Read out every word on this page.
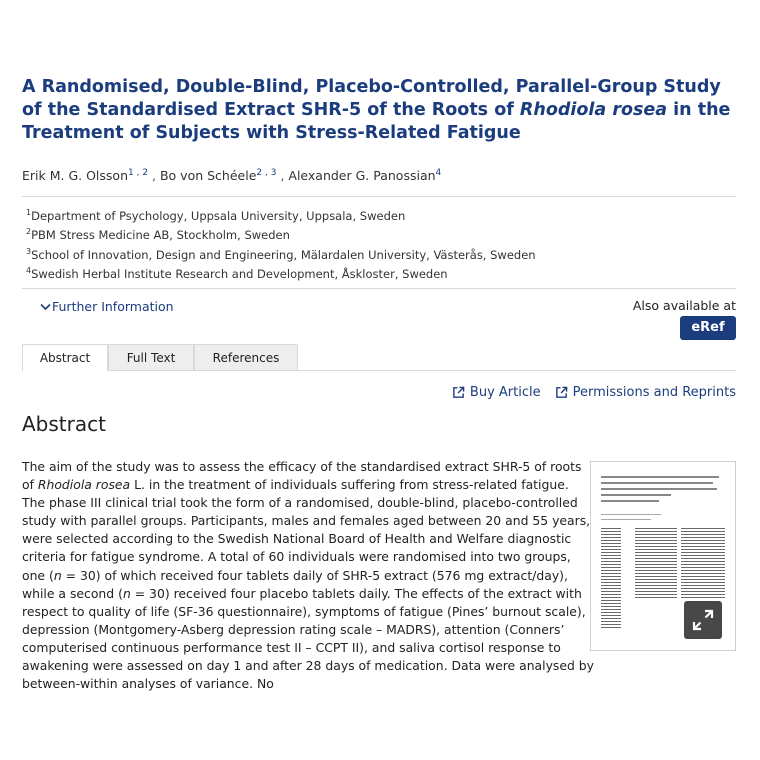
A Randomised, Double-Blind, Placebo-Controlled, Parallel-Group Study of the Standardised Extract SHR-5 of the Roots of Rhodiola rosea in the Treatment of Subjects with Stress-Related Fatigue
Erik M. G. Olsson$^1$ , $^2$ , Bo von Schéele$^2$ , $^3$ , Alexander G. Panossian$^4$
$^1$Department of Psychology, Uppsala University, Uppsala, Sweden
$^2$PBM Stress Medicine AB, Stockholm, Sweden
$^3$School of Innovation, Design and Engineering, Mälardalen University, Västerås, Sweden
$^4$Swedish Herbal Institute Research and Development, Åskloster, Sweden
Further Information	Also available at
eRef
Abstract	Full Text	References
Buy Article Permissions and Reprints
Abstract

The aim of the study was to assess the efficacy of the standardised extract SHR-5 of roots of Rhodiola rosea L. in the treatment of individuals suffering from stress-related fatigue. The phase III clinical trial took the form of a randomised, double-blind, placebo-controlled study with parallel groups. Participants, males and females aged between 20 and 55 years, were selected according to the Swedish National Board of Health and Welfare diagnostic criteria for fatigue syndrome. A total of 60 individuals were randomised into two groups, one (n = 30) of which received four tablets daily of SHR-5 extract (576 mg extract/day), while a second (n = 30) received four placebo tablets daily. The effects of the extract with respect to quality of life (SF-36 questionnaire), symptoms of fatigue (Pines’ burnout scale), depression (Montgomery-Asberg depression rating scale – MADRS), attention (Conners’ computerised continuous performance test II – CCPT II), and saliva cortisol response to awakening were assessed on day 1 and after 28 days of medication. Data were analysed by between-within analyses of variance. No
